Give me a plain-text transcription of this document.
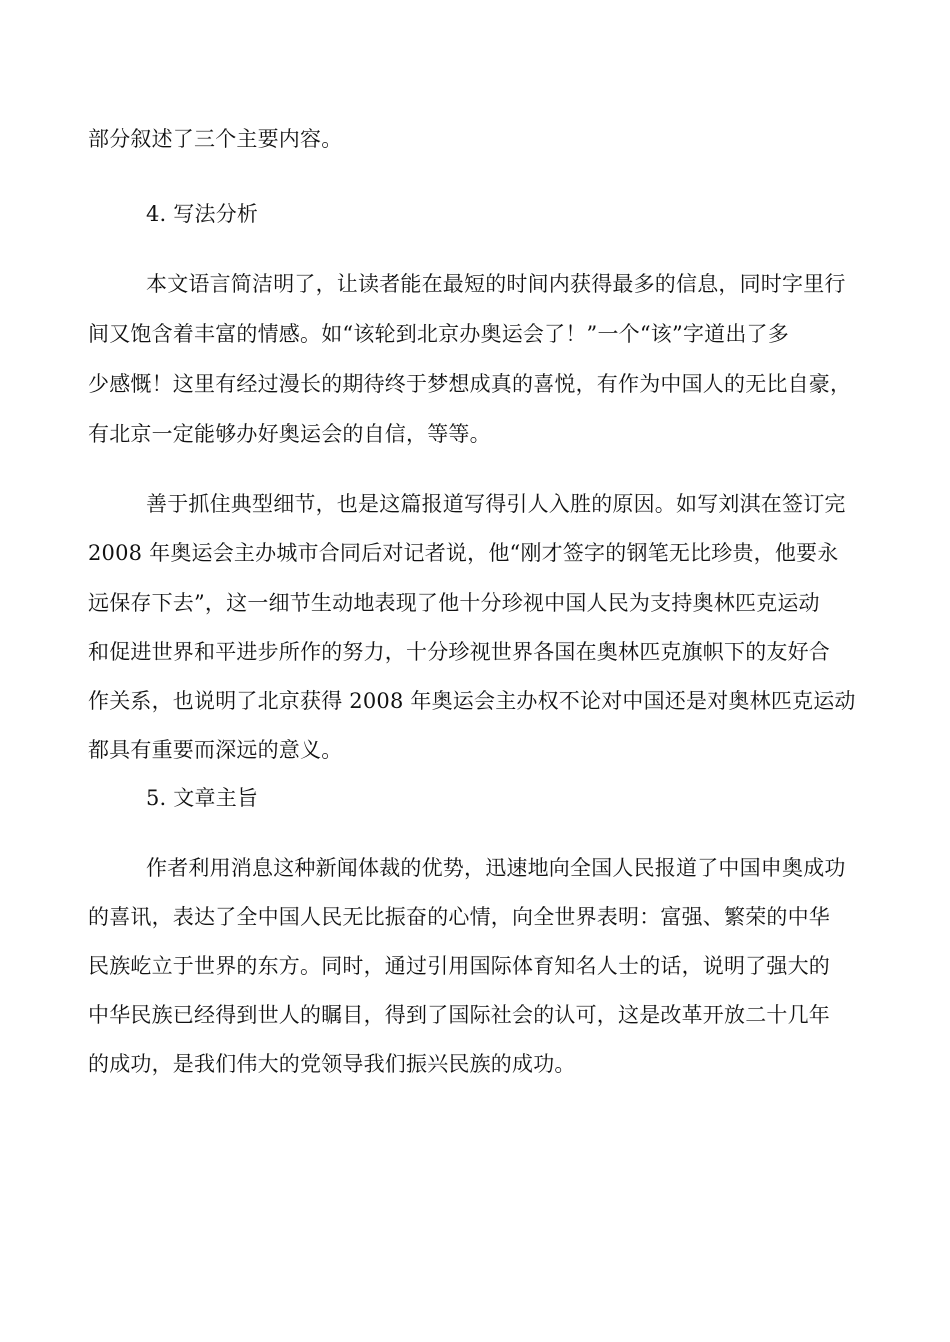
部分叙述了三个主要内容。
4. 写法分析
本文语言简洁明了，让读者能在最短的时间内获得最多的信息，同时字里行
间又饱含着丰富的情感。如“该轮到北京办奥运会了！”一个“该”字道出了多
少感慨！这里有经过漫长的期待终于梦想成真的喜悦，有作为中国人的无比自豪，
有北京一定能够办好奥运会的自信，等等。
善于抓住典型细节，也是这篇报道写得引人入胜的原因。如写刘淇在签订完
2008 年奥运会主办城市合同后对记者说，他“刚才签字的钢笔无比珍贵，他要永
远保存下去”，这一细节生动地表现了他十分珍视中国人民为支持奥林匹克运动
和促进世界和平进步所作的努力，十分珍视世界各国在奥林匹克旗帜下的友好合
作关系，也说明了北京获得 2008 年奥运会主办权不论对中国还是对奥林匹克运动
都具有重要而深远的意义。
5. 文章主旨
作者利用消息这种新闻体裁的优势，迅速地向全国人民报道了中国申奥成功
的喜讯，表达了全中国人民无比振奋的心情，向全世界表明：富强、繁荣的中华
民族屹立于世界的东方。同时，通过引用国际体育知名人士的话，说明了强大的
中华民族已经得到世人的瞩目，得到了国际社会的认可，这是改革开放二十几年
的成功，是我们伟大的党领导我们振兴民族的成功。
